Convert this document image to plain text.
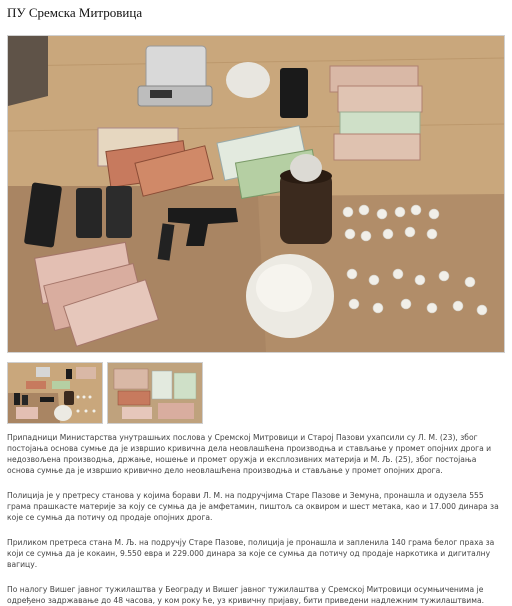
ПУ Сремска Митровица

Припадници Министарства унутрашњих послова у Сремској Митровици и Старој Пазови ухапсили су Л. М. (23), због постојања основа сумње да је извршио кривична дела неовлашћена производња и стављање у промет опојних дрога и недозвољена производња, држање, ношење и промет оружја и експлозивних материја и М. Љ. (25), због постојања основа сумње да је извршио кривично дело неовлашћена производња и стављање у промет опојних дрога.

Полиција је у претресу станова у којима борави Л. М. на подручјима Старе Пазове и Земуна, пронашла и одузела 555 грама прашкасте материје за коју се сумња да је амфетамин, пиштољ са оквиром и шест метака, као и 17.000 динара за које се сумња да потичу од продаје опојних дрога.

Приликом претреса стана М. Љ. на подручју Старе Пазове, полиција је пронашла и запленила 140 грама белог праха за који се сумња да је кокаин, 9.550 евра и 229.000 динара за које се сумња да потичу од продаје наркотика и дигиталну вагицу.

По налогу Вишег јавног тужилаштва у Београду и Вишег јавног тужилаштва у Сремској Митровици осумњиченима је одређено задржавање до 48 часова, у ком року ће, уз кривичну пријаву, бити приведени надлежним тужилаштвима.
